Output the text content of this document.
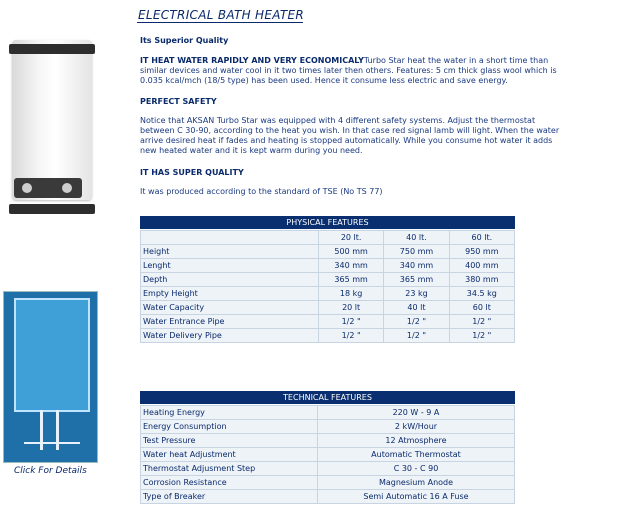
Click For Details
ELECTRICAL BATH HEATER
Its Superior Quality
IT HEAT WATER RAPIDLY AND VERY ECONOMICALYTurbo Star heat the water in a short time than
similar devices and water cool in it two times later then others. Features: 5 cm thick glass wool which is
0.035 kcal/mch (18/5 type) has been used. Hence it consume less electric and save energy.
PERFECT SAFETY
Notice that AKSAN Turbo Star was equipped with 4 different safety systems. Adjust the thermostat
between C 30-90, according to the heat you wish. In that case red signal lamb will light. When the water
arrive desired heat if fades and heating is stopped automatically. While you consume hot water it adds
new heated water and it is kept warm during you need.
IT HAS SUPER QUALITY
It was produced according to the standard of TSE (No TS 77)
PHYSICAL FEATURES
	20 lt.	40 lt.	60 lt.
Height	500 mm	750 mm	950 mm
Lenght	340 mm	340 mm	400 mm
Depth	365 mm	365 mm	380 mm
Empty Height	18 kg	23 kg	34.5 kg
Water Capacity	20 lt	40 lt	60 lt
Water Entrance Pipe	1/2 "	1/2 "	1/2 "
Water Delivery Pipe	1/2 "	1/2 "	1/2 "
TECHNICAL FEATURES
Heating Energy	220 W - 9 A
Energy Consumption	2 kW/Hour
Test Pressure	12 Atmosphere
Water heat Adjustment	Automatic Thermostat
Thermostat Adjusment Step	C 30 - C 90
Corrosion Resistance	Magnesium Anode
Type of Breaker	Semi Automatic 16 A Fuse
